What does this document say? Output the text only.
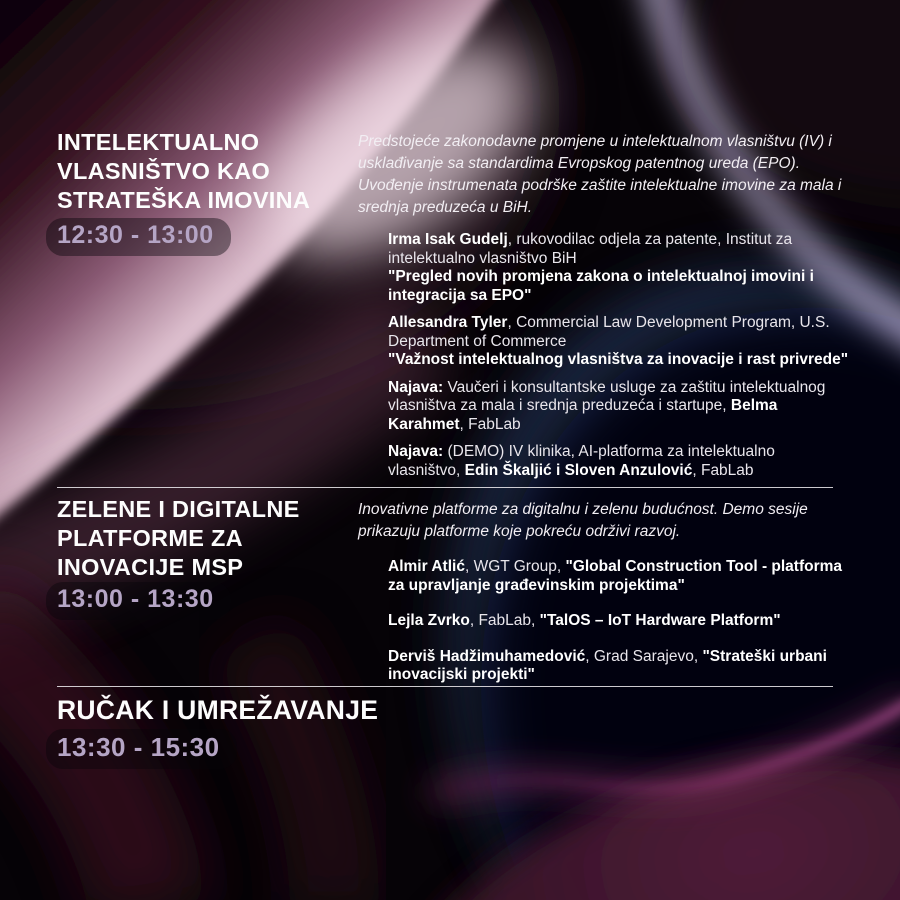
INTELEKTUALNO
VLASNIŠTVO KAO
STRATEŠKA IMOVINA
12:30 - 13:00
Predstojeće zakonodavne promjene u intelektualnom vlasništvu (IV) i usklađivanje sa standardima Evropskog patentnog ureda (EPO). Uvođenje instrumenata podrške zaštite intelektualne imovine za mala i srednja preduzeća u BiH.

Irma Isak Gudelj, rukovodilac odjela za patente, Institut za intelektualno vlasništvo BiH
"Pregled novih promjena zakona o intelektualnoj imovini i integracija sa EPO"

Allesandra Tyler, Commercial Law Development Program, U.S. Department of Commerce
"Važnost intelektualnog vlasništva za inovacije i rast privrede"

Najava: Vaučeri i konsultantske usluge za zaštitu intelektualnog vlasništva za mala i srednja preduzeća i startupe, Belma Karahmet, FabLab

Najava: (DEMO) IV klinika, AI-platforma za intelektualno vlasništvo, Edin Škaljić i Sloven Anzulović, FabLab

ZELENE I DIGITALNE
PLATFORME ZA
INOVACIJE MSP
13:00 - 13:30
Inovativne platforme za digitalnu i zelenu budućnost. Demo sesije prikazuju platforme koje pokreću održivi razvoj.

Almir Atlić, WGT Group, "Global Construction Tool - platforma za upravljanje građevinskim projektima"

Lejla Zvrko, FabLab, "TalOS – IoT Hardware Platform"

Derviš Hadžimuhamedović, Grad Sarajevo, "Strateški urbani inovacijski projekti"

RUČAK I UMREŽAVANJE
13:30 - 15:30
